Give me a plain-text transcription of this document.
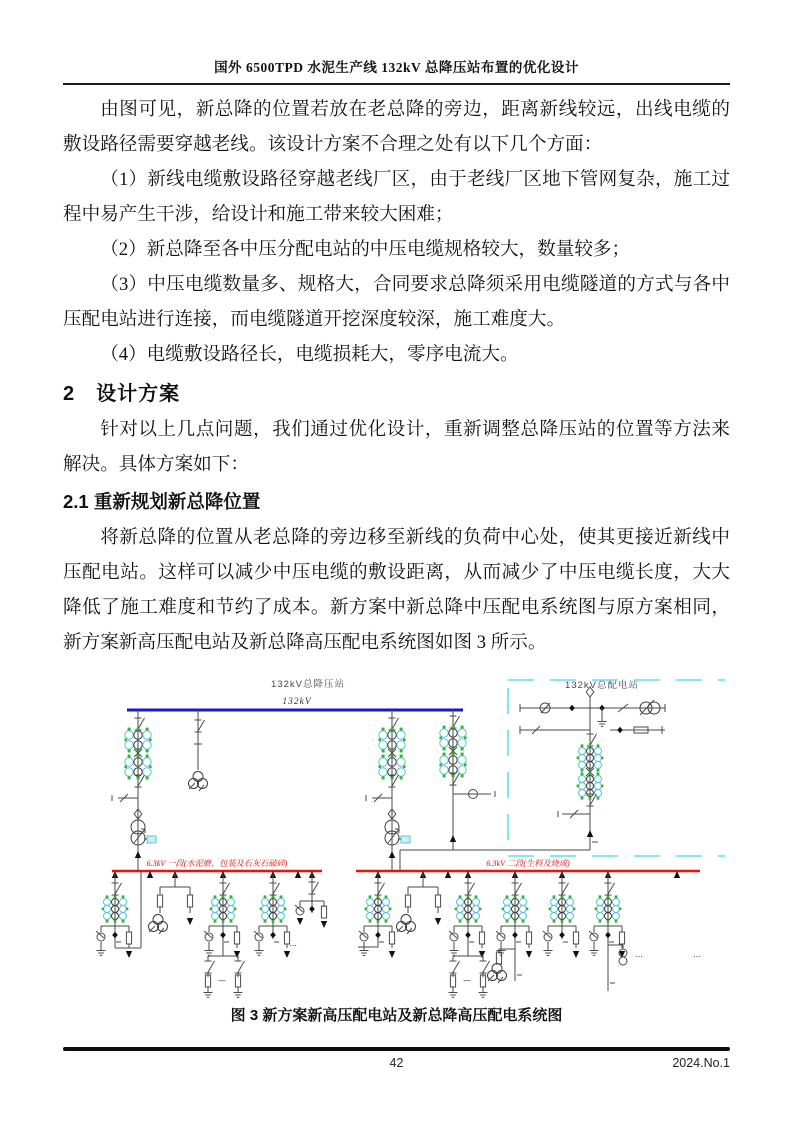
国外 6500TPD 水泥生产线 132kV 总降压站布置的优化设计

由图可见，新总降的位置若放在老总降的旁边，距离新线较远，出线电缆的敷设路径需要穿越老线。该设计方案不合理之处有以下几个方面：

（1）新线电缆敷设路径穿越老线厂区，由于老线厂区地下管网复杂，施工过程中易产生干涉，给设计和施工带来较大困难；

（2）新总降至各中压分配电站的中压电缆规格较大，数量较多；

（3）中压电缆数量多、规格大，合同要求总降须采用电缆隧道的方式与各中压配电站进行连接，而电缆隧道开挖深度较深，施工难度大。

（4）电缆敷设路径长，电缆损耗大，零序电流大。

2　设计方案

针对以上几点问题，我们通过优化设计，重新调整总降压站的位置等方法来解决。具体方案如下：

2.1 重新规划新总降位置

将新总降的位置从老总降的旁边移至新线的负荷中心处，使其更接近新线中压配电站。这样可以减少中压电缆的敷设距离，从而减少了中压电缆长度，大大降低了施工难度和节约了成本。新方案中新总降中压配电系统图与原方案相同，新方案新高压配电站及新总降高压配电系统图如图 3 所示。

132kV总降压站
132kV
132kV总配电站
6.3kV 一段(水泥磨、包装及石灰石破碎)	6.3kV 二段(生料及烧成)
…
—	—
…	…
图 3 新方案新高压配电站及新总降高压配电系统图
42	2024.No.1
